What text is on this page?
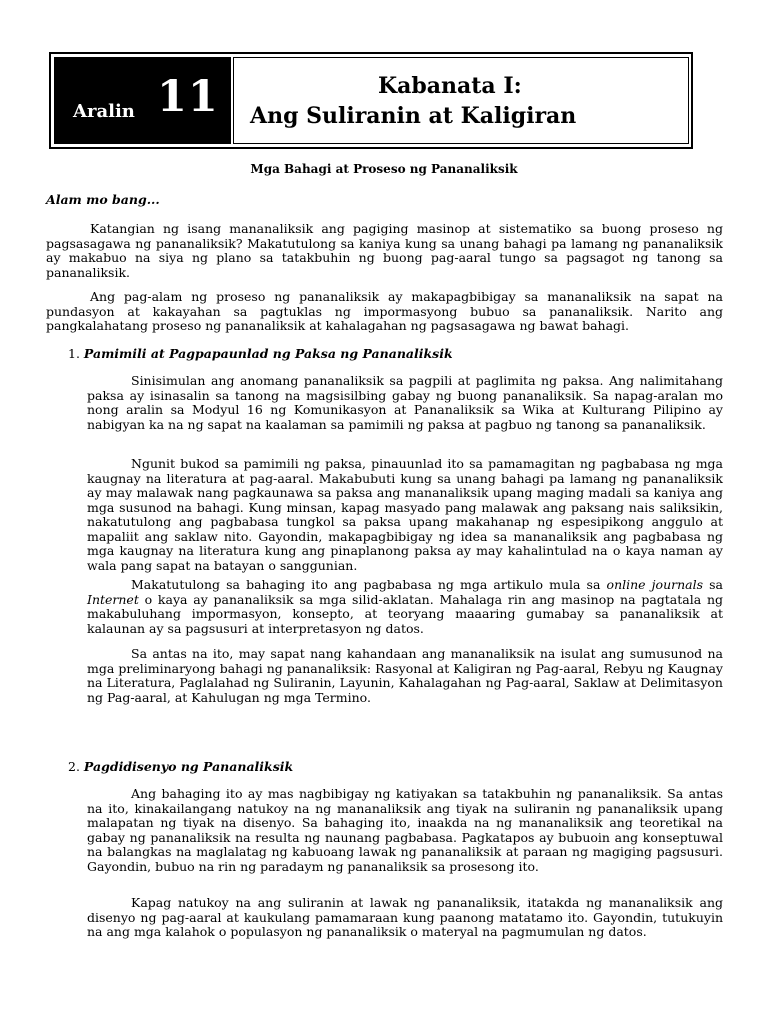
Aralin 11	Kabanata I:
Ang Suliranin at Kaligiran
Mga Bahagi at Proseso ng Pananaliksik
Alam mo bang...

Katangian ng isang mananaliksik ang pagiging masinop at sistematiko sa buong proseso ng pagsasagawa ng pananaliksik? Makatutulong sa kaniya kung sa unang bahagi pa lamang ng pananaliksik ay makabuo na siya ng plano sa tatakbuhin ng buong pag-aaral tungo sa pagsagot ng tanong sa pananaliksik.

Ang pag-alam ng proseso ng pananaliksik ay makapagbibigay sa mananaliksik na sapat na pundasyon at kakayahan sa pagtuklas ng impormasyong bubuo sa pananaliksik. Narito ang pangkalahatang proseso ng pananaliksik at kahalagahan ng pagsasagawa ng bawat bahagi.

1. Pamimili at Pagpapaunlad ng Paksa ng Pananaliksik

Sinisimulan ang anomang pananaliksik sa pagpili at paglimita ng paksa. Ang nalimitahang paksa ay isinasalin sa tanong na magsisilbing gabay ng buong pananaliksik. Sa napag-aralan mo nong aralin sa Modyul 16 ng Komunikasyon at Pananaliksik sa Wika at Kulturang Pilipino ay nabigyan ka na ng sapat na kaalaman sa pamimili ng paksa at pagbuo ng tanong sa pananaliksik.

Ngunit bukod sa pamimili ng paksa, pinauunlad ito sa pamamagitan ng pagbabasa ng mga kaugnay na literatura at pag-aaral. Makabubuti kung sa unang bahagi pa lamang ng pananaliksik ay may malawak nang pagkaunawa sa paksa ang mananaliksik upang maging madali sa kaniya ang mga susunod na bahagi. Kung minsan, kapag masyado pang malawak ang paksang nais saliksikin, nakatutulong ang pagbabasa tungkol sa paksa upang makahanap ng espesipikong anggulo at mapaliit ang saklaw nito. Gayondin, makapagbibigay ng idea sa mananaliksik ang pagbabasa ng mga kaugnay na literatura kung ang pinaplanong paksa ay may kahalintulad na o kaya naman ay wala pang sapat na batayan o sanggunian.

Makatutulong sa bahaging ito ang pagbabasa ng mga artikulo mula sa online journals sa Internet o kaya ay pananaliksik sa mga silid-aklatan. Mahalaga rin ang masinop na pagtatala ng makabuluhang impormasyon, konsepto, at teoryang maaaring gumabay sa pananaliksik at kalaunan ay sa pagsusuri at interpretasyon ng datos.

Sa antas na ito, may sapat nang kahandaan ang mananaliksik na isulat ang sumusunod na mga preliminaryong bahagi ng pananaliksik: Rasyonal at Kaligiran ng Pag-aaral, Rebyu ng Kaugnay na Literatura, Paglalahad ng Suliranin, Layunin, Kahalagahan ng Pag-aaral, Saklaw at Delimitasyon ng Pag-aaral, at Kahulugan ng mga Termino.

2. Pagdidisenyo ng Pananaliksik

Ang bahaging ito ay mas nagbibigay ng katiyakan sa tatakbuhin ng pananaliksik. Sa antas na ito, kinakailangang natukoy na ng mananaliksik ang tiyak na suliranin ng pananaliksik upang malapatan ng tiyak na disenyo. Sa bahaging ito, inaakda na ng mananaliksik ang teoretikal na gabay ng pananaliksik na resulta ng naunang pagbabasa. Pagkatapos ay bubuoin ang konseptuwal na balangkas na maglalatag ng kabuoang lawak ng pananaliksik at paraan ng magiging pagsusuri. Gayondin, bubuo na rin ng paradaym ng pananaliksik sa prosesong ito.

Kapag natukoy na ang suliranin at lawak ng pananaliksik, itatakda ng mananaliksik ang disenyo ng pag-aaral at kaukulang pamamaraan kung paanong matatamo ito. Gayondin, tutukuyin na ang mga kalahok o populasyon ng pananaliksik o materyal na pagmumulan ng datos.
